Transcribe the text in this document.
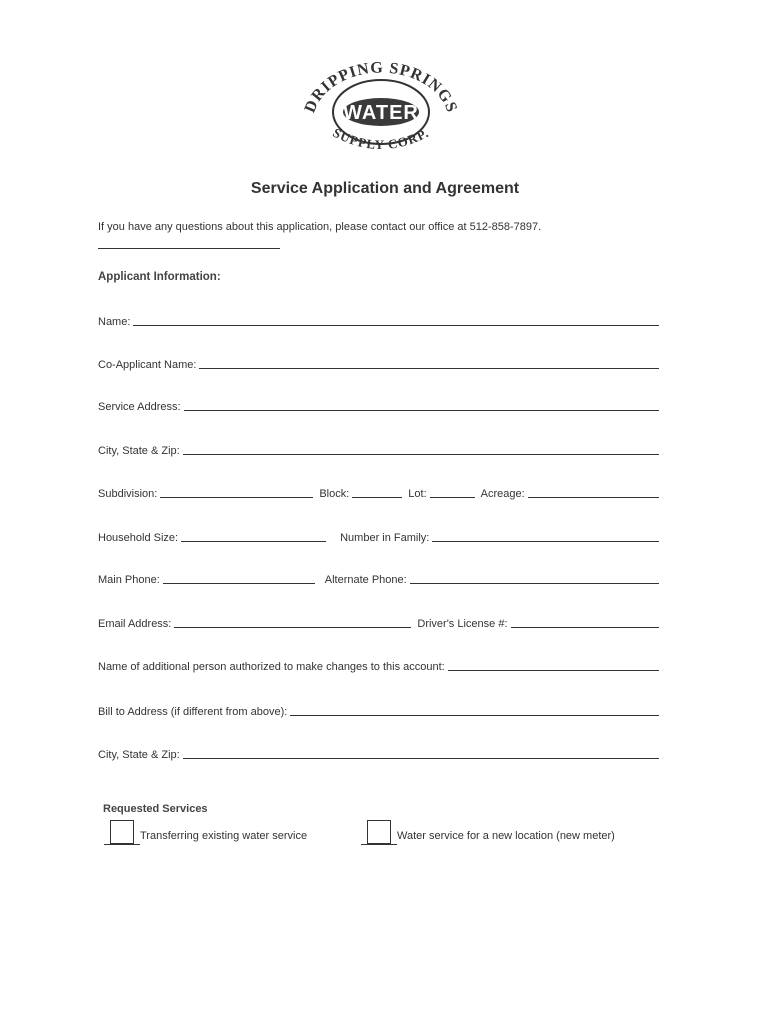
DRIPPING SPRINGS
WATER
SUPPLY CORP.
Service Application and Agreement
If you have any questions about this application, please contact our office at 512-858-7897.
Applicant Information:
Name:
Co-Applicant Name:
Service Address:
City, State & Zip:
Subdivision:	Block:	Lot:	Acreage:
Household Size:	Number in Family:
Main Phone:	Alternate Phone:
Email Address:	Driver's License #:
Name of additional person authorized to make changes to this account:
Bill to Address (if different from above):
City, State & Zip:
Requested Services
Transferring existing water service	Water service for a new location (new meter)
